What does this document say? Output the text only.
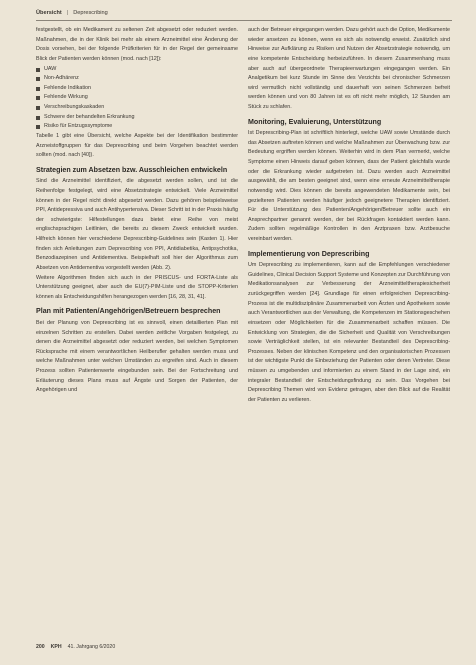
Übersicht | Deprescribing

festgestellt, ob ein Medikament zu seltenen Zeit abgesetzt oder reduziert werden. Maßnahmen, die in der Klinik bei mehr als einem Arzneimittel eine Änderung der Dosis vorsehen, bei der folgende Prüfkriterien für in der Regel der gemeinsame Blick der Patienten werden können (mod. nach [12]):

UAW
Non-Adhärenz
Fehlende Indikation
Fehlende Wirkung
Verschreibungskaskaden
Schwere der behandelten Erkrankung
Risiko für Entzugssymptome

Tabelle 1 gibt eine Übersicht, welche Aspekte bei der Identifikation bestimmter Arzneistoffgruppen für das Deprescribing und beim Vorgehen beachtet werden sollten (mod. nach [40]).

Strategien zum Absetzen bzw. Ausschleichen entwickeln

Sind die Arzneimittel identifiziert, die abgesetzt werden sollen, und ist die Reihenfolge festgelegt, wird eine Absetzstrategie entwickelt. Viele Arzneimittel können in der Regel nicht direkt abgesetzt werden. Dazu gehören beispielsweise PPI, Antidepressiva und auch Antihypertensiva. Dieser Schritt ist in der Praxis häufig der schwierigste: Hilfestellungen dazu bietet eine Reihe von meist englischsprachigen Leitlinien, die bereits zu diesem Zweck entwickelt wurden. Hilfreich können hier verschiedene Deprescribing-Guidelines sein (Kasten 1). Hier finden sich Anleitungen zum Deprescribing von PPI, Antidiabetika, Antipsychotika, Benzodiazepinen und Antidementiva. Beispielhaft soll hier der Algorithmus zum Absetzen von Antidementiva vorgestellt werden (Abb. 2).

Weitere Algorithmen finden sich auch in der PRISCUS- und FORTA-Liste als Unterstützung geeignet, aber auch die EU(7)-PIM-Liste und die STOPP-Kriterien können als Entscheidungshilfen herangezogen werden [16, 28, 31, 41].

Plan mit Patienten/Angehörigen/Betreuern besprechen

Bei der Planung von Deprescribing ist es sinnvoll, einen detaillierten Plan mit einzelnen Schritten zu erstellen. Dabei werden zeitliche Vorgaben festgelegt, zu denen die Arzneimittel abgesetzt oder reduziert werden, bei welchen Symptomen Rücksprache mit einem verantwortlichen Heilberufler gehalten werden muss und welche Maßnahmen unter welchen Umständen zu ergreifen sind. Auch in diesem Prozess sollten Patientenwerte eingebunden sein. Bei der Fortschreitung und Erläuterung dieses Plans muss auf Ängste und Sorgen der Patienten, der Angehörigen und

auch der Betreuer eingegangen werden. Dazu gehört auch die Option, Medikamente wieder ansetzen zu können, wenn es sich als notwendig erweist. Zusätzlich sind Hinweise zur Aufklärung zu Risiken und Nutzen der Absetzstrategie notwendig, um eine kompetente Entscheidung herbeizuführen. In diesem Zusammenhang muss aber auch auf übergeordnete Therapieerwartungen eingegangen werden. Ein Analgetikum bei kurz Stunde im Sinne des Verzichts bei chronischer Schmerzen wird vermutlich nicht vollständig und dauerhaft von seinen Schmerzen befreit werden können und von 80 Jahren ist es oft nicht mehr möglich, 12 Stunden am Stück zu schlafen.

Monitoring, Evaluierung, Unterstützung

Ist Deprescribing-Plan ist schriftlich hinterlegt, welche UAW sowie Umstände durch das Absetzen auftreten können und welche Maßnahmen zur Überwachung bzw. zur Bedeutung ergriffen werden können. Weiterhin wird in dem Plan vermerkt, welche Symptome einen Hinweis darauf geben können, dass der Patient gleichfalls wurde oder die Erkrankung wieder aufgetreten ist. Dazu werden auch Arzneimittel ausgewählt, die am besten geeignet sind, wenn eine erneute Arzneimitteltherapie notwendig wird. Dies können die bereits angewendeten Medikamente sein, bei gezielteren Patienten werden häufiger jedoch geeignetere Therapien identifiziert. Für die Unterstützung des Patienten/Angehörigen/Betreuer sollte auch ein Ansprechpartner genannt werden, der bei Rückfragen kontaktiert werden kann. Zudem sollten regelmäßige Kontrollen in den Arztpraxen bzw. Arztbesuche vereinbart werden.

Implementierung von Deprescribing

Um Deprescribing zu implementieren, kann auf die Empfehlungen verschiedener Guidelines, Clinical Decision Support Systeme und Konzepten zur Durchführung von Medikationsanalysen zur Verbesserung der Arzneimitteltherapiesicherheit zurückgegriffen werden [24]. Grundlage für einen erfolgreichen Deprescribing-Prozess ist die multidisziplinäre Zusammenarbeit von Ärzten und Apothekern sowie auch Verantwortlichen aus der Verwaltung, die Kompetenzen im Stationsgeschehen einsetzen oder Möglichkeiten für die Zusammenarbeit schaffen müssen. Die Entwicklung von Strategien, die die Sicherheit und Qualität von Verschreibungen sowie Verträglichkeit stellen, ist ein relevanter Bestandteil des Deprescribing-Prozesses. Neben der klinischen Kompetenz und den organisatorischen Prozessen ist der wichtigste Punkt die Einbeziehung der Patienten oder deren Vertreter. Diese müssen zu umgebenden und informierten zu einem Stand in der Lage sind, ein integraler Bestandteil der Entscheidungsfindung zu sein. Das Vorgehen bei Deprescribing Themen wird von Evidenz getragen, aber den Blick auf die Realität der Patienten zu verlieren.

200 KPH 41. Jahrgang 6/2020
